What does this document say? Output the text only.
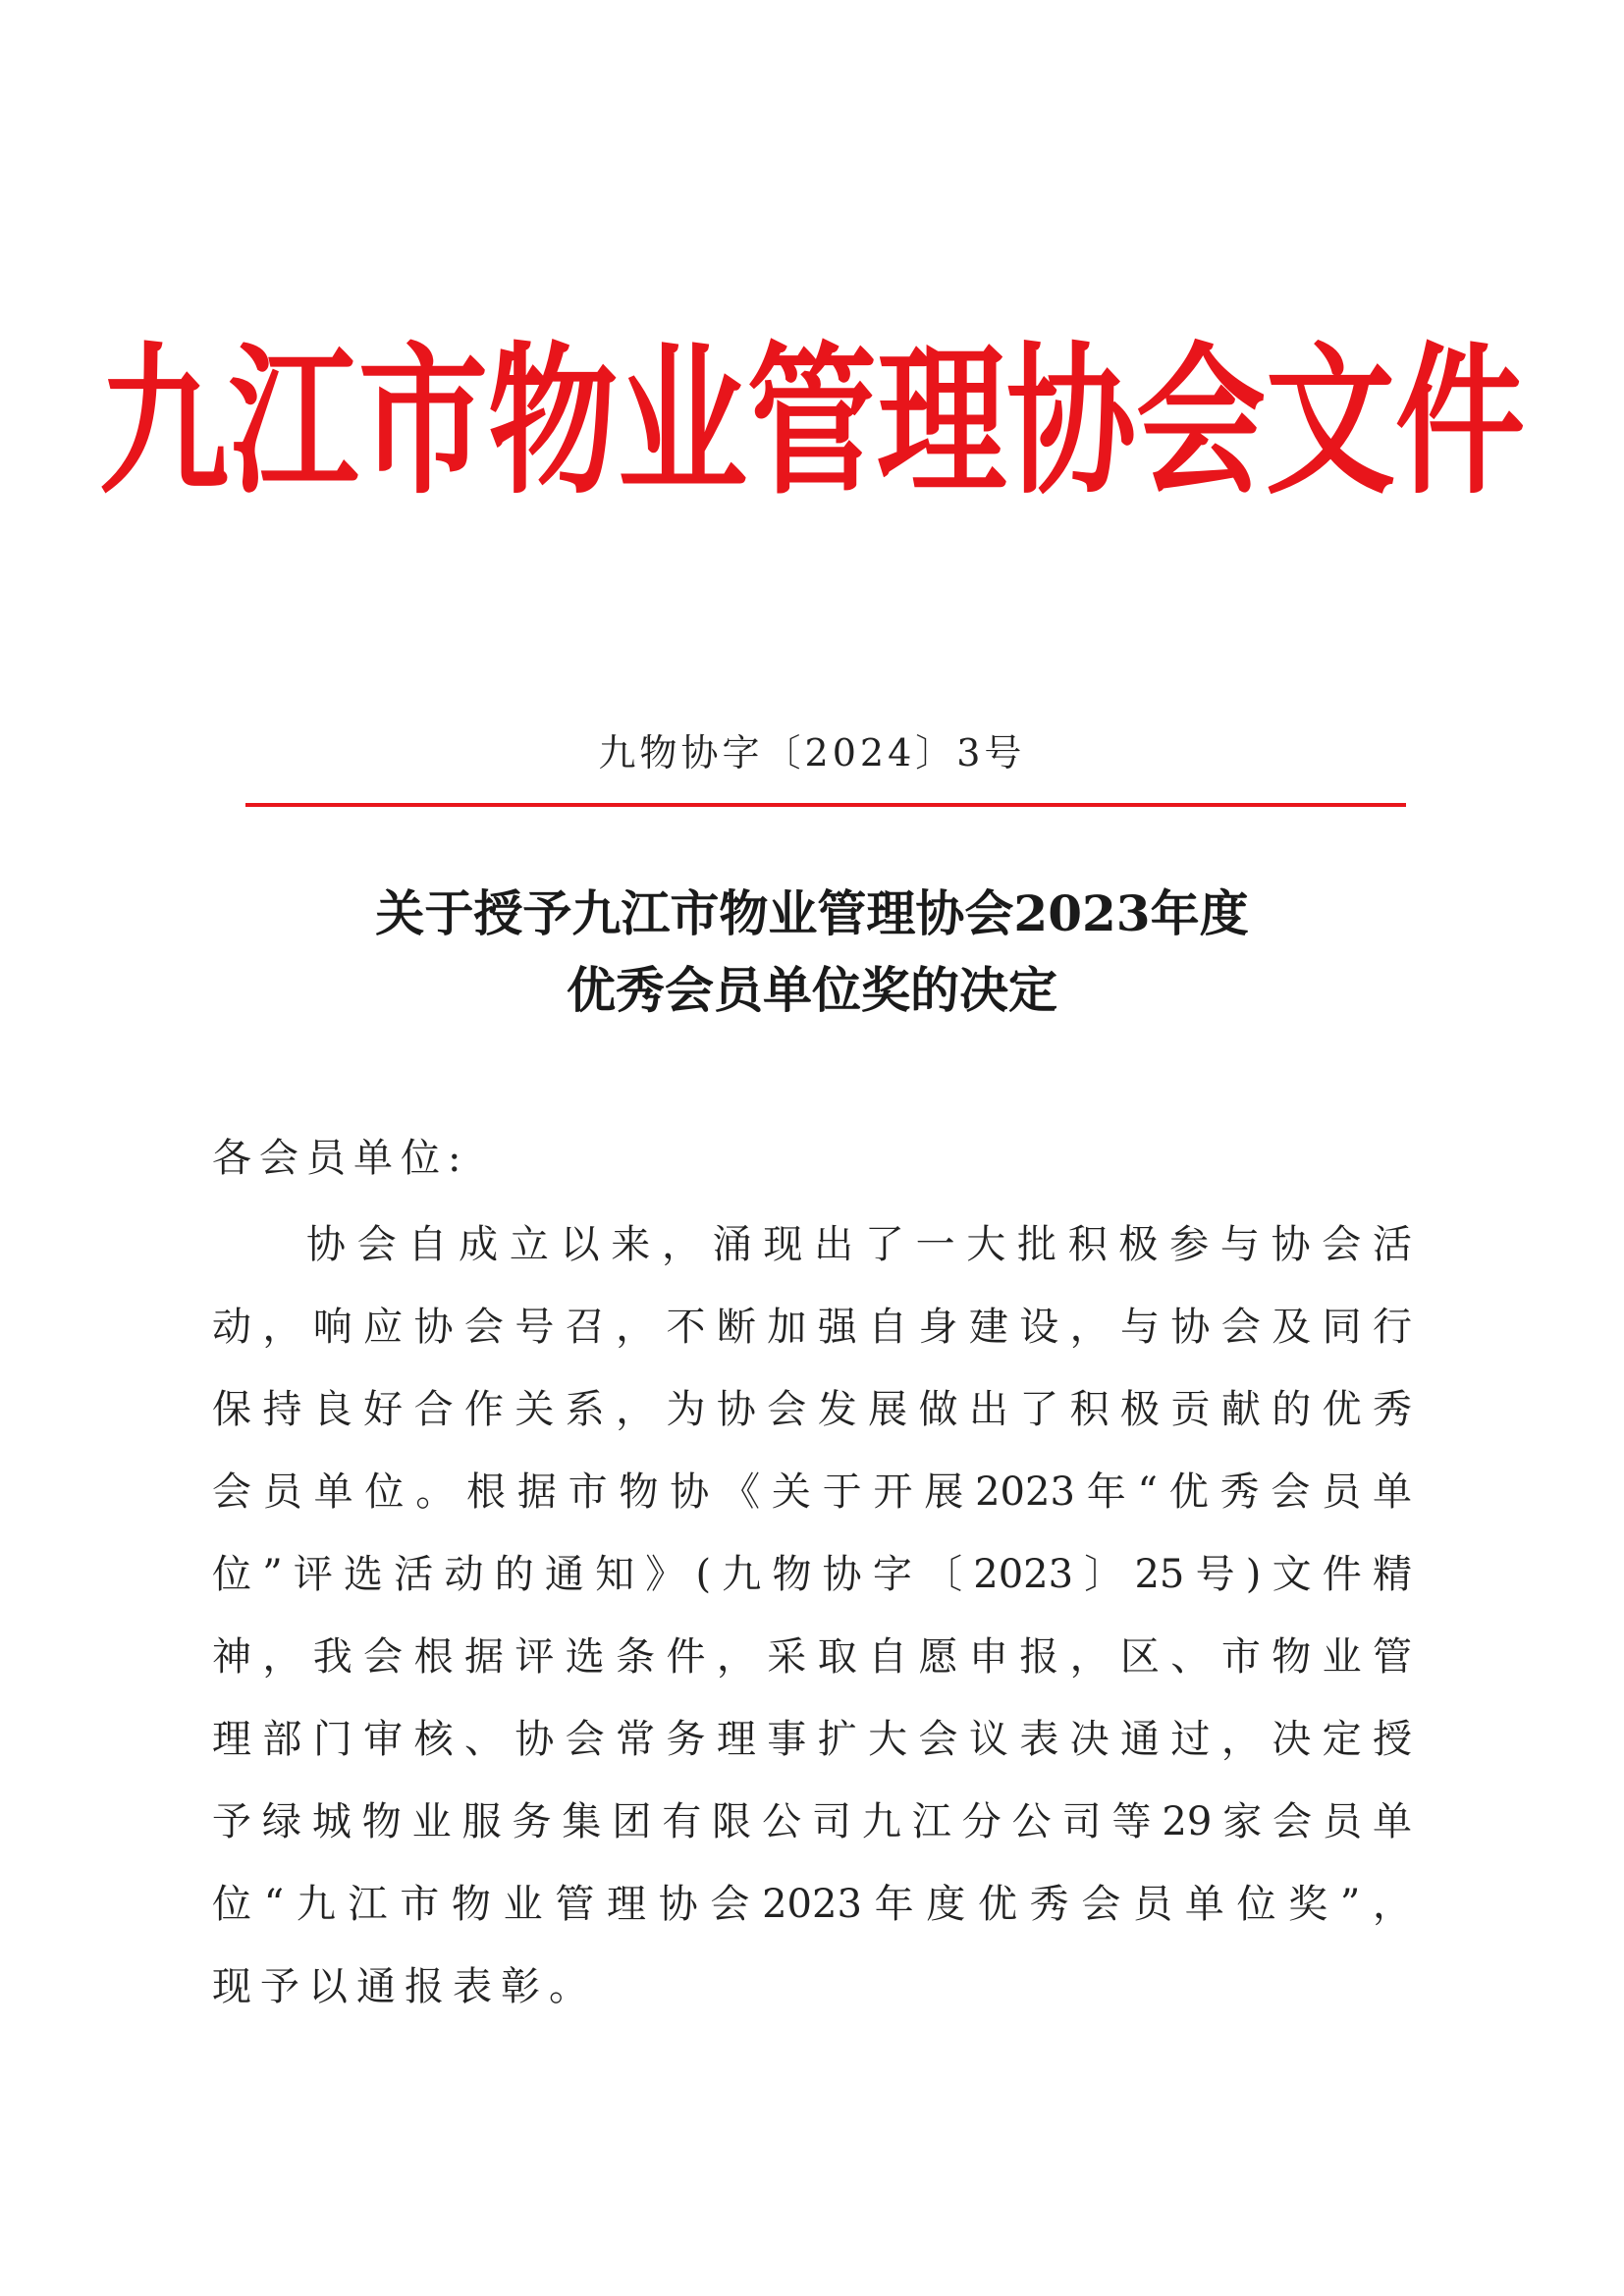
九江市物业管理协会文件
九物协字〔2024〕3号
关于授予九江市物业管理协会2023年度
优秀会员单位奖的决定
各会员单位:
协会自成立以来，涌现出了一大批积极参与协会活
动，响应协会号召，不断加强自身建设，与协会及同行
保持良好合作关系，为协会发展做出了积极贡献的优秀
会员单位。根据市物协《关于开展2023年“优秀会员单
位”评选活动的通知》(九物协字〔2023〕25号)文件精
神，我会根据评选条件，采取自愿申报，区、市物业管
理部门审核、协会常务理事扩大会议表决通过，决定授
予绿城物业服务集团有限公司九江分公司等29家会员单
位“九江市物业管理协会2023年度优秀会员单位奖”，
现予以通报表彰。
